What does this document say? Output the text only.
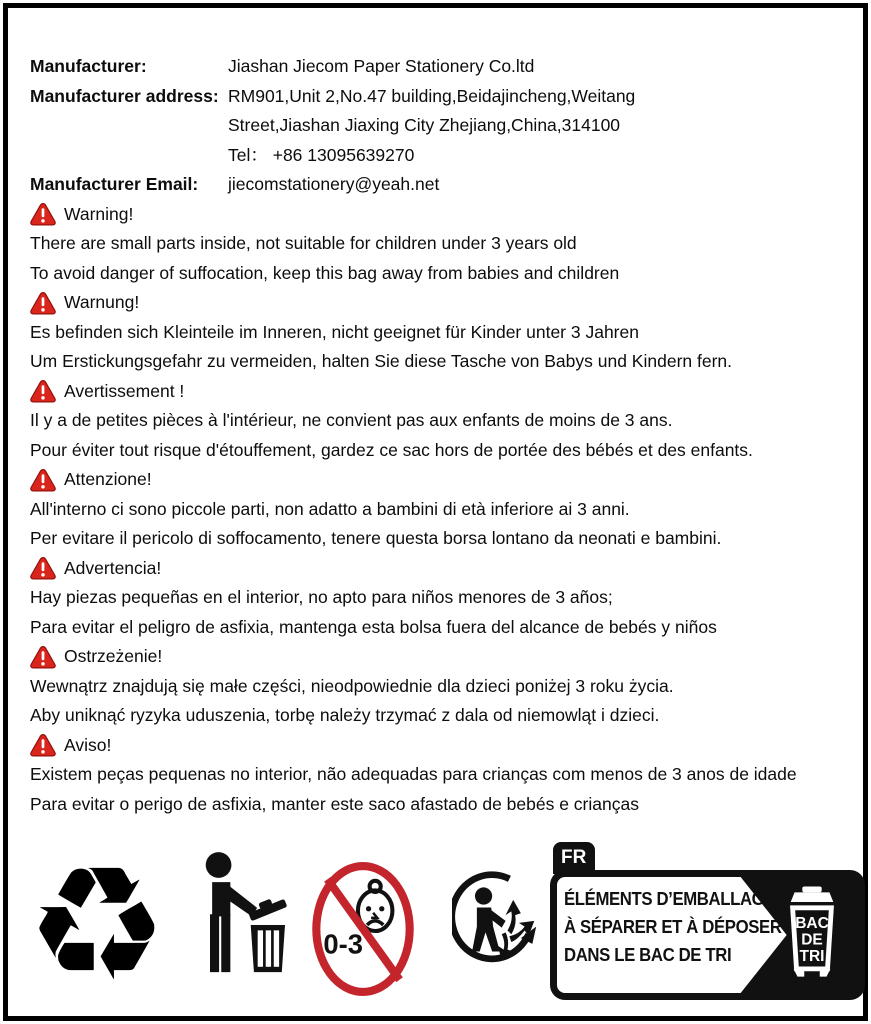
Manufacturer:	Jiashan Jiecom Paper Stationery Co.ltd
Manufacturer address: RM901,Unit 2,No.47 building,Beidajincheng,Weitang
Street,Jiashan Jiaxing City Zhejiang,China,314100
Tel： +86 13095639270
Manufacturer Email:	jiecomstationery@yeah.net
Warning!

There are small parts inside, not suitable for children under 3 years old

To avoid danger of suffocation, keep this bag away from babies and children

Warnung!

Es befinden sich Kleinteile im Inneren, nicht geeignet für Kinder unter 3 Jahren

Um Erstickungsgefahr zu vermeiden, halten Sie diese Tasche von Babys und Kindern fern.

Avertissement !

Il y a de petites pièces à l'intérieur, ne convient pas aux enfants de moins de 3 ans.

Pour éviter tout risque d'étouffement, gardez ce sac hors de portée des bébés et des enfants.

Attenzione!

All'interno ci sono piccole parti, non adatto a bambini di età inferiore ai 3 anni.

Per evitare il pericolo di soffocamento, tenere questa borsa lontano da neonati e bambini.

Advertencia!

Hay piezas pequeñas en el interior, no apto para niños menores de 3 años;

Para evitar el peligro de asfixia, mantenga esta bolsa fuera del alcance de bebés y niños

Ostrzeżenie!

Wewnątrz znajdują się małe części, nieodpowiednie dla dzieci poniżej 3 roku życia.

Aby uniknąć ryzyka uduszenia, torbę należy trzymać z dala od niemowląt i dzieci.

Aviso!

Existem peças pequenas no interior, não adequadas para crianças com menos de 3 anos de idade

Para evitar o perigo de asfixia, manter este saco afastado de bebés e crianças

♻	0-3
FR
ÉLÉMENTS D’EMBALLAGE
À SÉPARER ET À DÉPOSER
DANS LE BAC DE TRI
BAC
DE
TRI
